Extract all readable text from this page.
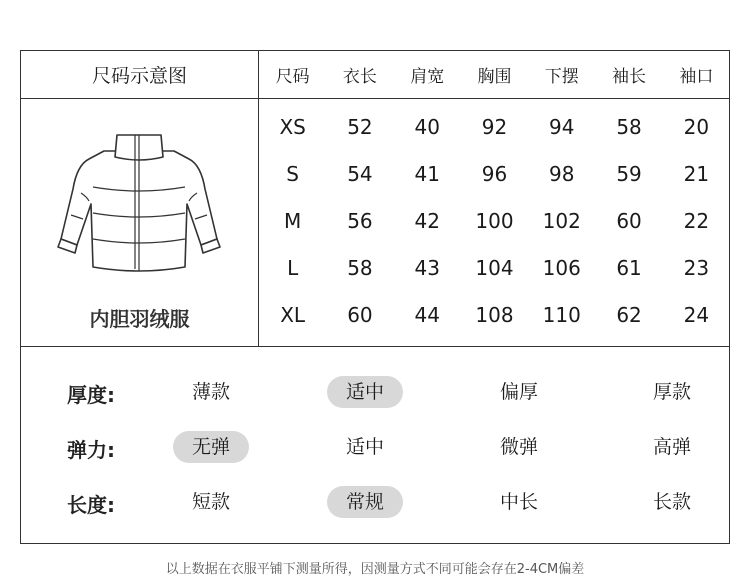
尺码示意图
内胆羽绒服
尺码	衣长	肩宽	胸围	下摆	袖长	袖口
XS	52	40	92	94	58	20
S	54	41	96	98	59	21
M	56	42	100	102	60	22
L	58	43	104	106	61	23
XL	60	44	108	110	62	24
厚度:	薄款	适中	偏厚	厚款
弹力:	无弹	适中	微弹	高弹
长度:	短款	常规	中长	长款
以上数据在衣服平铺下测量所得，因测量方式不同可能会存在2-4CM偏差
